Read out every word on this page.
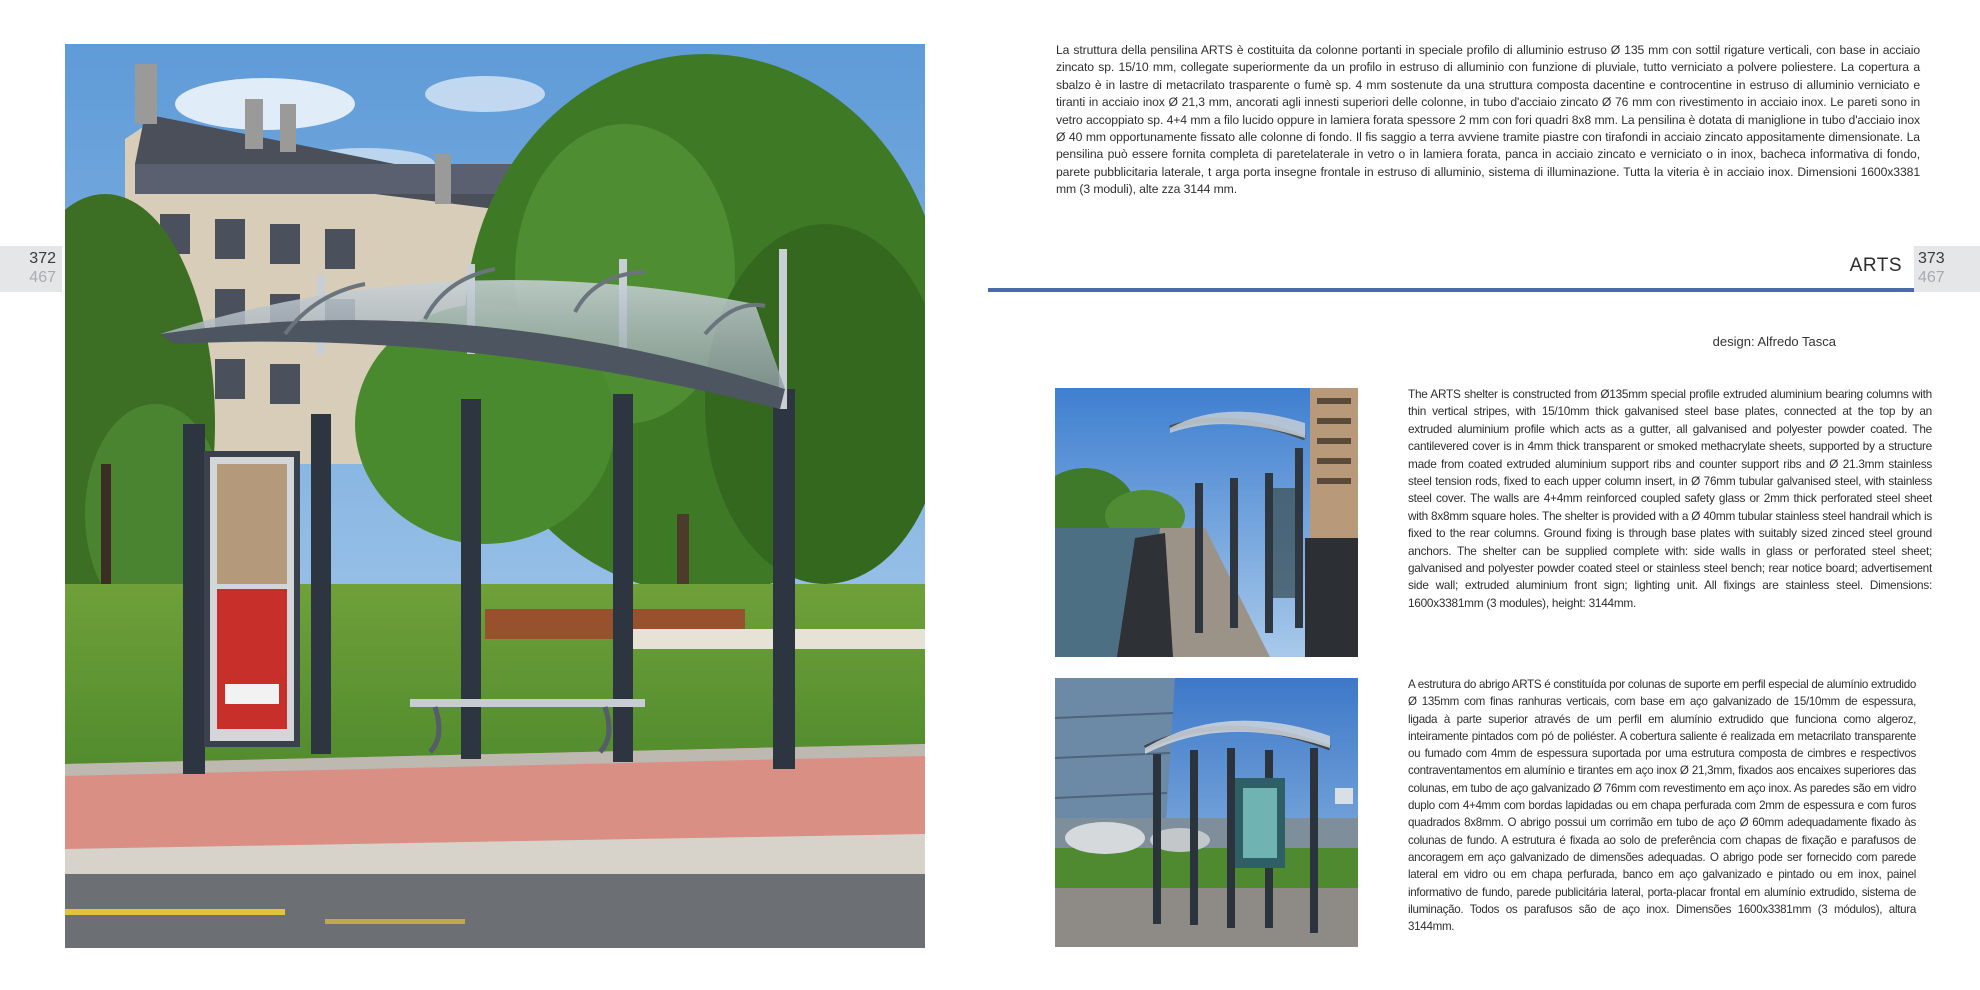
372
467
La struttura della pensilina ARTS è costituita da colonne portanti in speciale profilo di alluminio estruso Ø 135 mm con sottil rigature verticali, con base in acciaio zincato sp. 15/10 mm, collegate superiormente da un profilo in estruso di alluminio con funzione di pluviale, tutto verniciato a polvere poliestere. La copertura a sbalzo è in lastre di metacrilato trasparente o fumè sp. 4 mm sostenute da una struttura composta dacentine e controcentine in estruso di alluminio verniciato e tiranti in acciaio inox Ø 21,3 mm, ancorati agli innesti superiori delle colonne, in tubo d'acciaio zincato Ø 76 mm con rivestimento in acciaio inox. Le pareti sono in vetro accoppiato sp. 4+4 mm a filo lucido oppure in lamiera forata spessore 2 mm con fori quadri 8x8 mm. La pensilina è dotata di maniglione in tubo d'acciaio inox Ø 40 mm opportunamente fissato alle colonne di fondo. Il fis saggio a terra avviene tramite piastre con tirafondi in acciaio zincato appositamente dimensionate. La pensilina può essere fornita completa di paretelaterale in vetro o in lamiera forata, panca in acciaio zincato e verniciato o in inox, bacheca informativa di fondo, parete pubblicitaria laterale, t arga porta insegne frontale in estruso di alluminio, sistema di illuminazione. Tutta la viteria è in acciaio inox. Dimensioni 1600x3381 mm (3 moduli), alte zza 3144 mm.
373
467
ARTS
design: Alfredo Tasca
The ARTS shelter is constructed from Ø135mm special profile extruded aluminium bearing columns with thin vertical stripes, with 15/10mm thick galvanised steel base plates, connected at the top by an extruded aluminium profile which acts as a gutter, all galvanised and polyester powder coated. The cantilevered cover is in 4mm thick transparent or smoked methacrylate sheets, supported by a structure made from coated extruded aluminium support ribs and counter support ribs and Ø 21.3mm stainless steel tension rods, fixed to each upper column insert, in Ø 76mm tubular galvanised steel, with stainless steel cover. The walls are 4+4mm reinforced coupled safety glass or 2mm thick perforated steel sheet with 8x8mm square holes. The shelter is provided with a Ø 40mm tubular stainless steel handrail which is fixed to the rear columns. Ground fixing is through base plates with suitably sized zinced steel ground anchors. The shelter can be supplied complete with: side walls in glass or perforated steel sheet; galvanised and polyester powder coated steel or stainless steel bench; rear notice board; advertisement side wall; extruded aluminium front sign; lighting unit. All fixings are stainless steel. Dimensions: 1600x3381mm (3 modules), height: 3144mm.
A estrutura do abrigo ARTS é constituída por colunas de suporte em perfil especial de alumínio extrudido Ø 135mm com finas ranhuras verticais, com base em aço galvanizado de 15/10mm de espessura, ligada à parte superior através de um perfil em alumínio extrudido que funciona como algeroz, inteiramente pintados com pó de poliéster. A cobertura saliente é realizada em metacrilato transparente ou fumado com 4mm de espessura suportada por uma estrutura composta de cimbres e respectivos contraventamentos em alumínio e tirantes em aço inox Ø 21,3mm, fixados aos encaixes superiores das colunas, em tubo de aço galvanizado Ø 76mm com revestimento em aço inox. As paredes são em vidro duplo com 4+4mm com bordas lapidadas ou em chapa perfurada com 2mm de espessura e com furos quadrados 8x8mm. O abrigo possui um corrimão em tubo de aço Ø 60mm adequadamente fixado às colunas de fundo. A estrutura é fixada ao solo de preferência com chapas de fixação e parafusos de ancoragem em aço galvanizado de dimensões adequadas. O abrigo pode ser fornecido com parede lateral em vidro ou em chapa perfurada, banco em aço galvanizado e pintado ou em inox, painel informativo de fundo, parede publicitária lateral, porta-placar frontal em alumínio extrudido, sistema de iluminação. Todos os parafusos são de aço inox. Dimensões 1600x3381mm (3 módulos), altura 3144mm.
